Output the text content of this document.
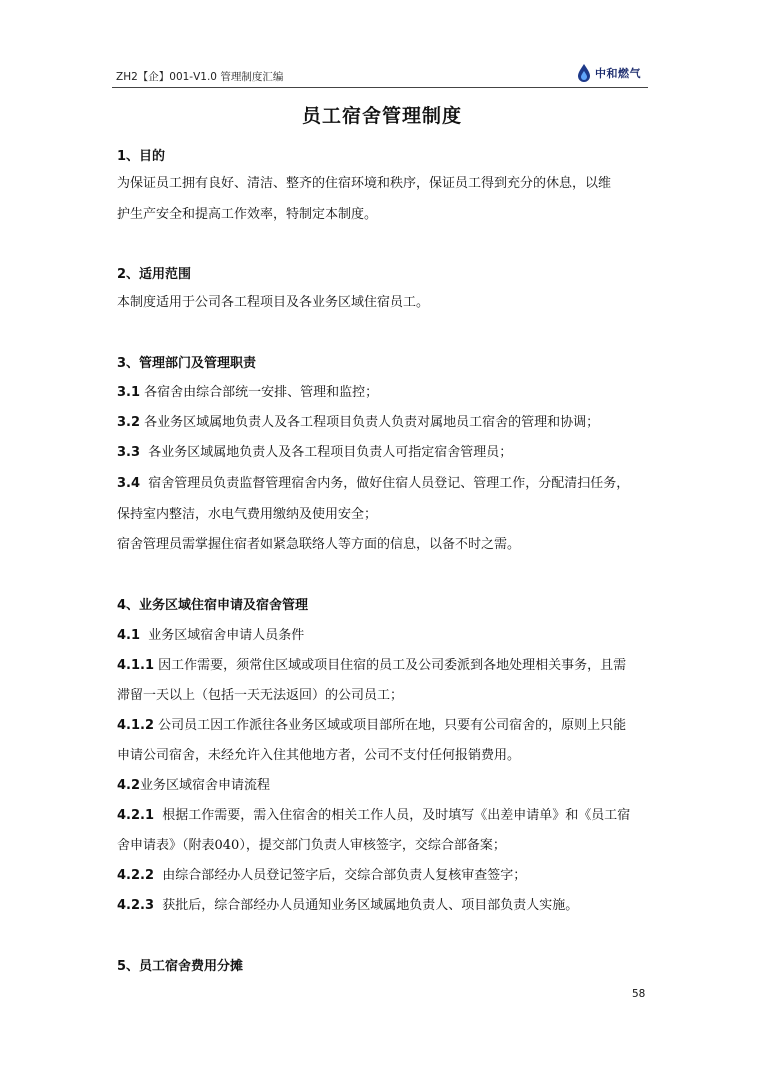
ZH2【企】001-V1.0 管理制度汇编	中和燃气
员工宿舍管理制度
1、目的
为保证员工拥有良好、清洁、整齐的住宿环境和秩序，保证员工得到充分的休息，以维
护生产安全和提高工作效率，特制定本制度。
2、适用范围
本制度适用于公司各工程项目及各业务区域住宿员工。
3、管理部门及管理职责
3.1 各宿舍由综合部统一安排、管理和监控；
3.2 各业务区域属地负责人及各工程项目负责人负责对属地员工宿舍的管理和协调；
3.3 各业务区域属地负责人及各工程项目负责人可指定宿舍管理员；
3.4 宿舍管理员负责监督管理宿舍内务，做好住宿人员登记、管理工作，分配清扫任务，
保持室内整洁，水电气费用缴纳及使用安全；
宿舍管理员需掌握住宿者如紧急联络人等方面的信息，以备不时之需。
4、业务区域住宿申请及宿舍管理
4.1 业务区域宿舍申请人员条件
4.1.1 因工作需要，须常住区域或项目住宿的员工及公司委派到各地处理相关事务，且需
滞留一天以上（包括一天无法返回）的公司员工；
4.1.2 公司员工因工作派往各业务区域或项目部所在地，只要有公司宿舍的，原则上只能
申请公司宿舍，未经允许入住其他地方者，公司不支付任何报销费用。
4.2业务区域宿舍申请流程
4.2.1 根据工作需要，需入住宿舍的相关工作人员，及时填写《出差申请单》和《员工宿
舍申请表》（附表040），提交部门负责人审核签字，交综合部备案；
4.2.2 由综合部经办人员登记签字后，交综合部负责人复核审查签字；
4.2.3 获批后，综合部经办人员通知业务区域属地负责人、项目部负责人实施。
5、员工宿舍费用分摊
58
